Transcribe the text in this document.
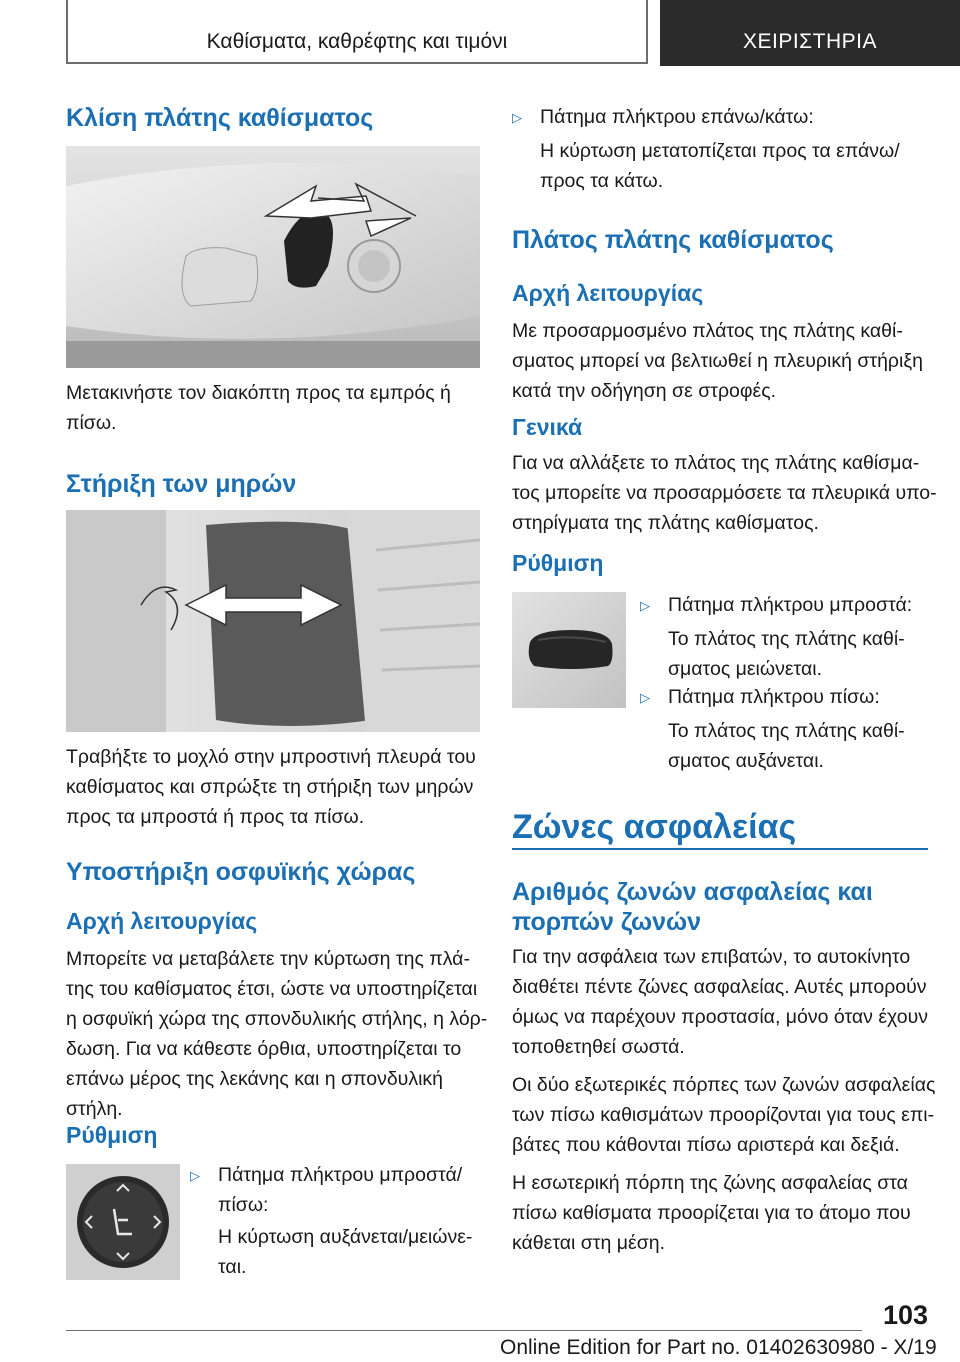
Καθίσματα, καθρέφτης και τιμόνι	ΧΕΙΡΙΣΤΗΡΙΑ
Κλίση πλάτης καθίσματος
Μετακινήστε τον διακόπτη προς τα εμπρός ή
πίσω.
Στήριξη των μηρών
Τραβήξτε το μοχλό στην μπροστινή πλευρά του
καθίσματος και σπρώξτε τη στήριξη των μηρών
προς τα μπροστά ή προς τα πίσω.
Υποστήριξη οσφυϊκής χώρας
Αρχή λειτουργίας
Μπορείτε να μεταβάλετε την κύρτωση της πλά-
της του καθίσματος έτσι, ώστε να υποστηρίζεται
η οσφυϊκή χώρα της σπονδυλικής στήλης, η λόρ-
δωση. Για να κάθεστε όρθια, υποστηρίζεται το
επάνω μέρος της λεκάνης και η σπονδυλική
στήλη.
Ρύθμιση
▷ Πάτημα πλήκτρου μπροστά/
πίσω:
Η κύρτωση αυξάνεται/μειώνε-
ται.
▷ Πάτημα πλήκτρου επάνω/κάτω:
Η κύρτωση μετατοπίζεται προς τα επάνω/
προς τα κάτω.
Πλάτος πλάτης καθίσματος
Αρχή λειτουργίας
Με προσαρμοσμένο πλάτος της πλάτης καθί-
σματος μπορεί να βελτιωθεί η πλευρική στήριξη
κατά την οδήγηση σε στροφές.
Γενικά
Για να αλλάξετε το πλάτος της πλάτης καθίσμα-
τος μπορείτε να προσαρμόσετε τα πλευρικά υπο-
στηρίγματα της πλάτης καθίσματος.
Ρύθμιση
▷ Πάτημα πλήκτρου μπροστά:
Το πλάτος της πλάτης καθί-
σματος μειώνεται.
▷ Πάτημα πλήκτρου πίσω:
Το πλάτος της πλάτης καθί-
σματος αυξάνεται.
Ζώνες ασφαλείας
Αριθμός ζωνών ασφαλείας και
πορπών ζωνών
Για την ασφάλεια των επιβατών, το αυτοκίνητο
διαθέτει πέντε ζώνες ασφαλείας. Αυτές μπορούν
όμως να παρέχουν προστασία, μόνο όταν έχουν
τοποθετηθεί σωστά.
Οι δύο εξωτερικές πόρπες των ζωνών ασφαλείας
των πίσω καθισμάτων προορίζονται για τους επι-
βάτες που κάθονται πίσω αριστερά και δεξιά.
Η εσωτερική πόρπη της ζώνης ασφαλείας στα
πίσω καθίσματα προορίζεται για το άτομο που
κάθεται στη μέση.
103
Online Edition for Part no. 01402630980 - X/19
